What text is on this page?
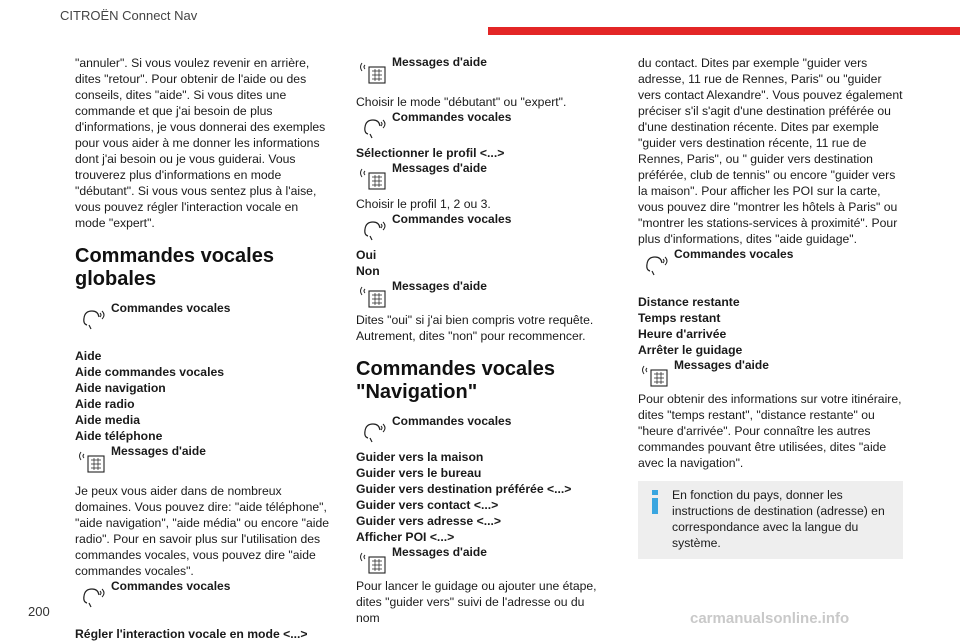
CITROËN Connect Nav

"annuler". Si vous voulez revenir en arrière, dites "retour". Pour obtenir de l'aide ou des conseils, dites "aide". Si vous dites une commande et que j'ai besoin de plus d'informations, je vous donnerai des exemples pour vous aider à me donner les informations dont j'ai besoin ou je vous guiderai. Vous trouverez plus d'informations en mode "débutant". Si vous vous sentez plus à l'aise, vous pouvez régler l'interaction vocale en mode "expert".

Commandes vocales globales
Commandes vocales
Aide
Aide commandes vocales
Aide navigation
Aide radio
Aide media
Aide téléphone
Messages d'aide

Je peux vous aider dans de nombreux domaines. Vous pouvez dire: "aide téléphone", "aide navigation", "aide média" ou encore "aide radio". Pour en savoir plus sur l'utilisation des commandes vocales, vous pouvez dire "aide commandes vocales".

Commandes vocales
Régler l'interaction vocale en mode <...>
Messages d'aide

Choisir le mode "débutant" ou "expert".

Commandes vocales
Sélectionner le profil <...>
Messages d'aide

Choisir le profil 1, 2 ou 3.

Commandes vocales
Oui
Non
Messages d'aide

Dites "oui" si j'ai bien compris votre requête. Autrement, dites "non" pour recommencer.

Commandes vocales "Navigation"
Commandes vocales
Guider vers la maison
Guider vers le bureau
Guider vers destination préférée <...>
Guider vers contact <...>
Guider vers adresse <...>
Afficher POI <...>
Messages d'aide

Pour lancer le guidage ou ajouter une étape, dites "guider vers" suivi de l'adresse ou du nom

du contact. Dites par exemple "guider vers adresse, 11 rue de Rennes, Paris" ou "guider vers contact Alexandre". Vous pouvez également préciser s'il s'agit d'une destination préférée ou d'une destination récente. Dites par exemple "guider vers destination récente, 11 rue de Rennes, Paris", ou " guider vers destination préférée, club de tennis" ou encore "guider vers la maison". Pour afficher les POI sur la carte, vous pouvez dire "montrer les hôtels à Paris" ou "montrer les stations-services à proximité". Pour plus d'informations, dites "aide guidage".

Commandes vocales
Distance restante
Temps restant
Heure d'arrivée
Arrêter le guidage
Messages d'aide

Pour obtenir des informations sur votre itinéraire, dites "temps restant", "distance restante" ou "heure d'arrivée". Pour connaître les autres commandes pouvant être utilisées, dites "aide avec la navigation".

En fonction du pays, donner les instructions de destination (adresse) en correspondance avec la langue du système.
200	carmanualsonline.info
